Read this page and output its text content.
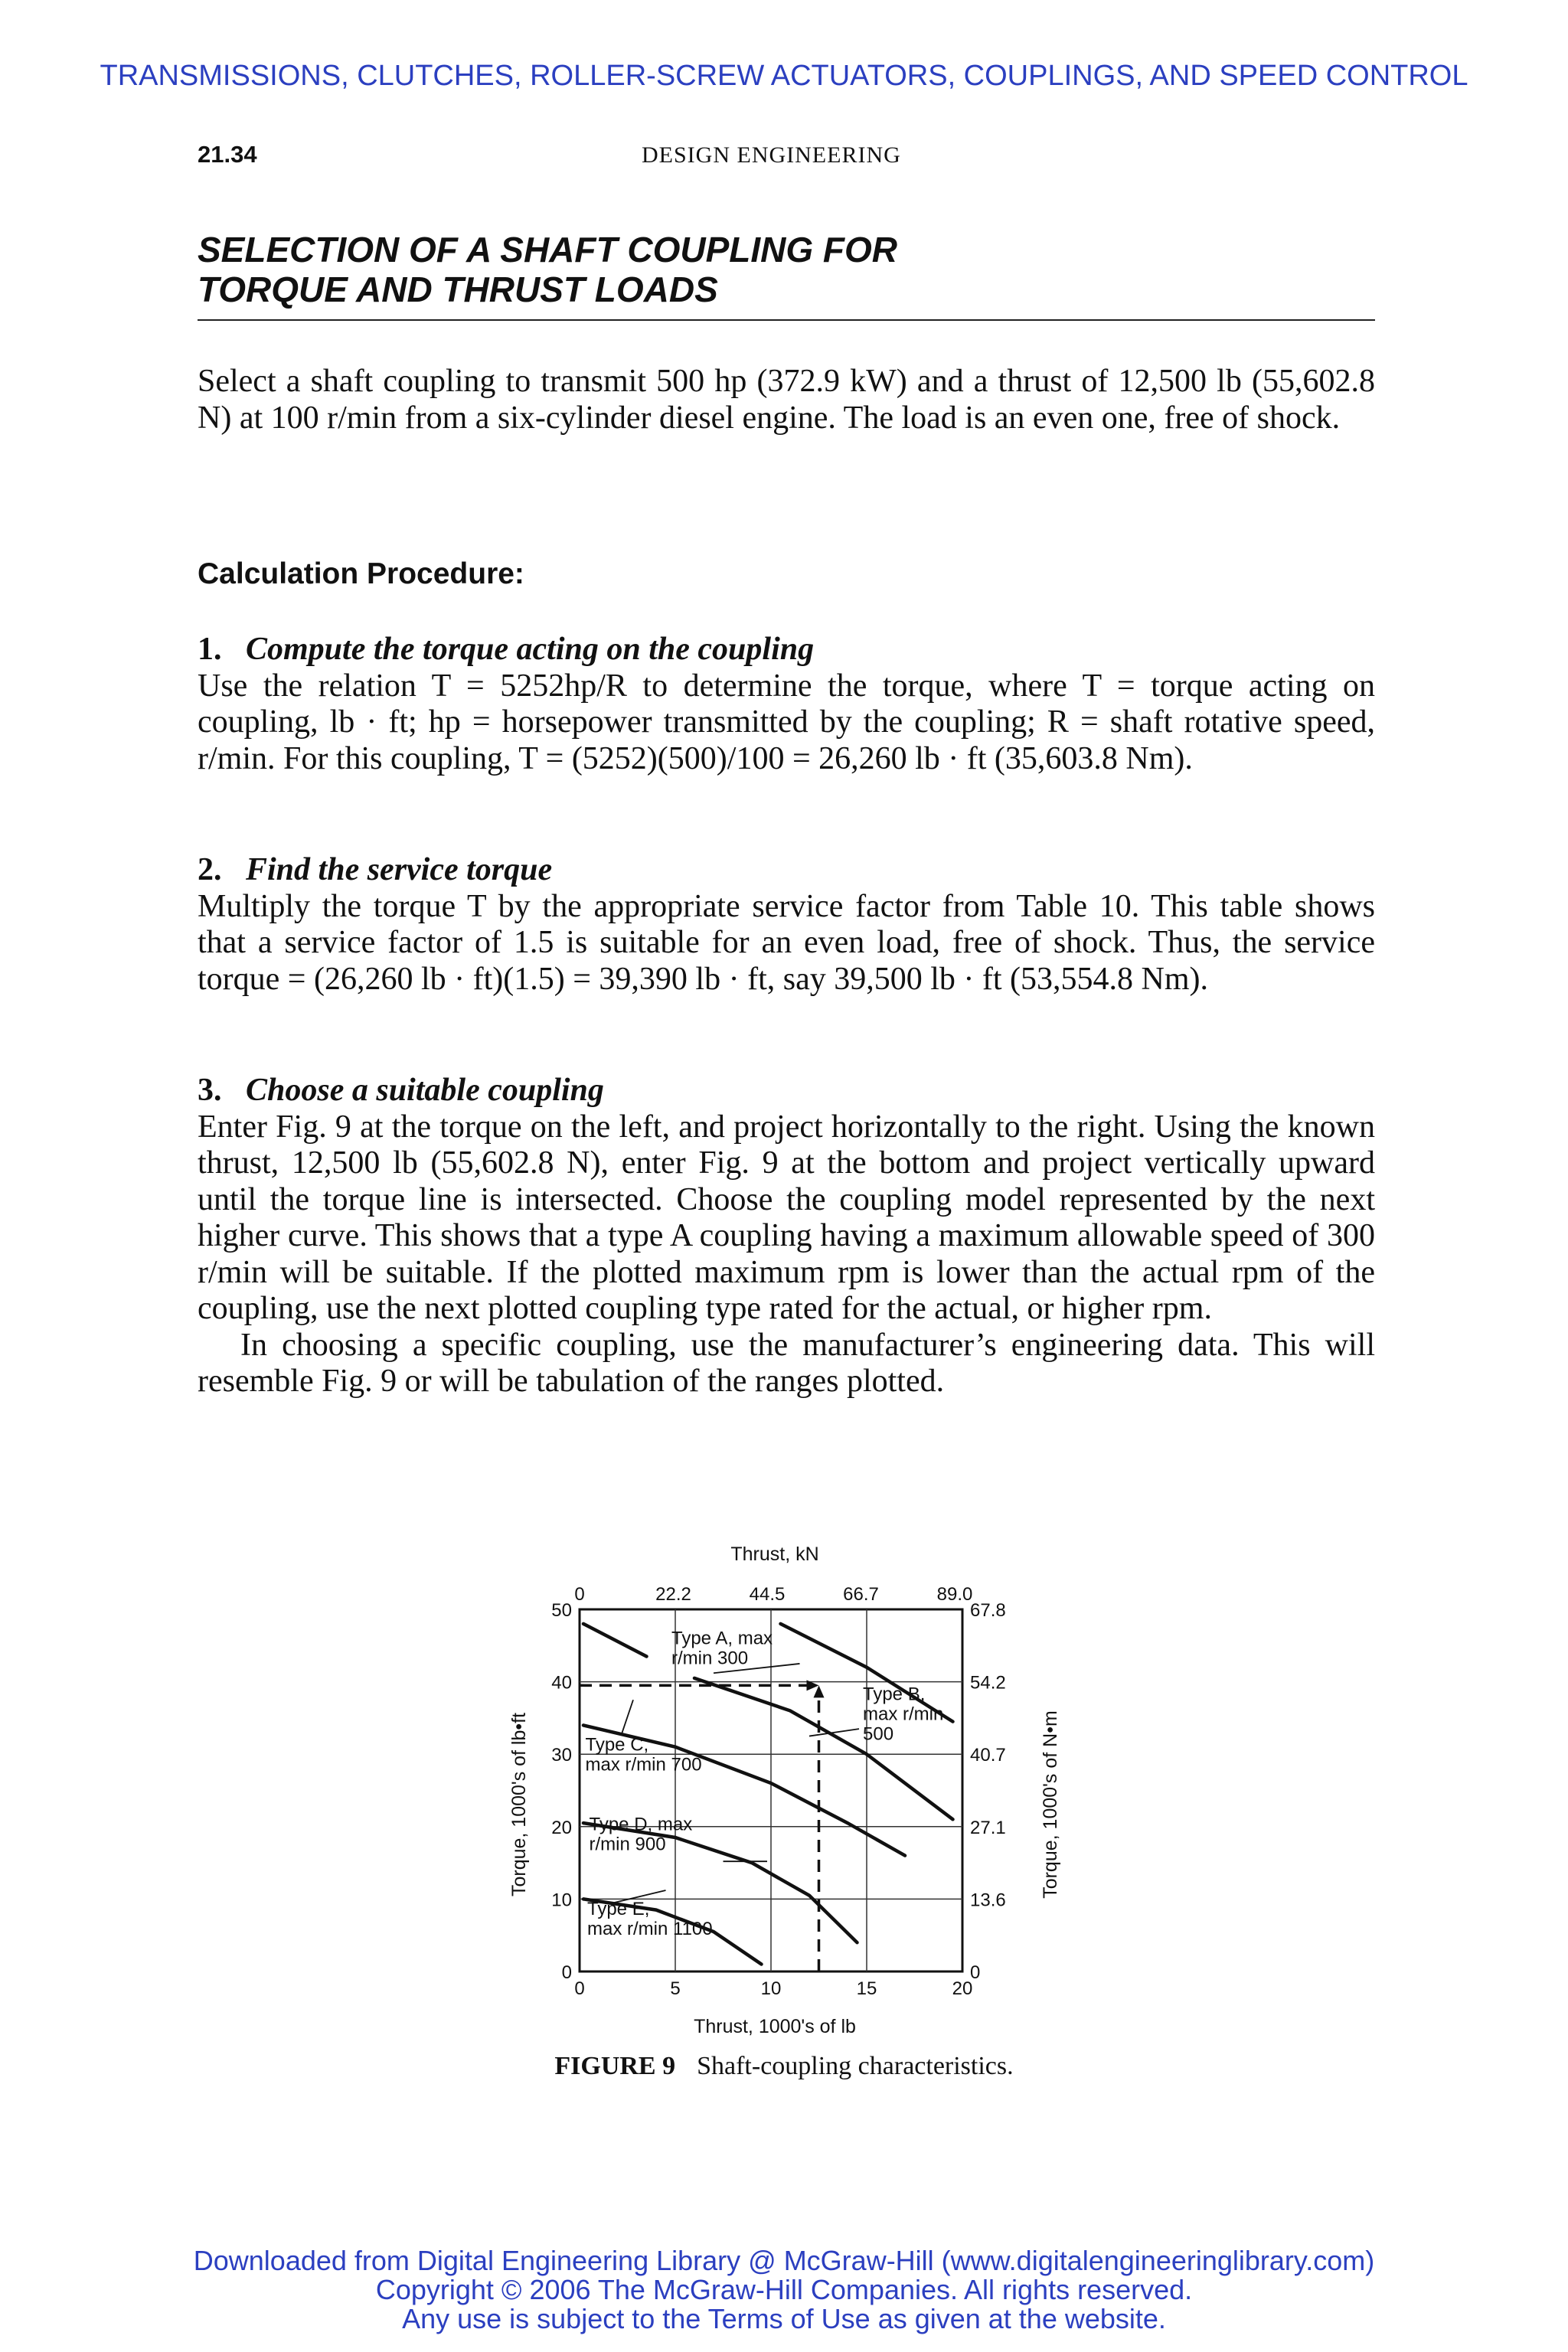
TRANSMISSIONS, CLUTCHES, ROLLER-SCREW ACTUATORS, COUPLINGS, AND SPEED CONTROL
21.34	DESIGN ENGINEERING
SELECTION OF A SHAFT COUPLING FOR
TORQUE AND THRUST LOADS

Select a shaft coupling to transmit 500 hp (372.9 kW) and a thrust of 12,500 lb (55,602.8 N) at 100 r/min from a six-cylinder diesel engine. The load is an even one, free of shock.

Calculation Procedure:

1. Compute the torque acting on the coupling

Use the relation T = 5252hp/R to determine the torque, where T = torque acting on coupling, lb · ft; hp = horsepower transmitted by the coupling; R = shaft rotative speed, r/min. For this coupling, T = (5252)(500)/100 = 26,260 lb · ft (35,603.8 Nm).

2. Find the service torque

Multiply the torque T by the appropriate service factor from Table 10. This table shows that a service factor of 1.5 is suitable for an even load, free of shock. Thus, the service torque = (26,260 lb · ft)(1.5) = 39,390 lb · ft, say 39,500 lb · ft (53,554.8 Nm).

3. Choose a suitable coupling

Enter Fig. 9 at the torque on the left, and project horizontally to the right. Using the known thrust, 12,500 lb (55,602.8 N), enter Fig. 9 at the bottom and project vertically upward until the torque line is intersected. Choose the coupling model represented by the next higher curve. This shows that a type A coupling having a maximum allowable speed of 300 r/min will be suitable. If the plotted maximum rpm is lower than the actual rpm of the coupling, use the next plotted coupling type rated for the actual, or higher rpm.

In choosing a specific coupling, use the manufacturer’s engineering data. This will resemble Fig. 9 or will be tabulation of the ranges plotted.

Thrust, kN
Thrust, 1000's of lb
Torque, 1000's of lb•ft	Torque, 1000's of N•m
0	5	10	15	20
0
10
20
30
40
50
0	22.2	44.5	66.7	89.0
0
13.6
27.1
40.7
54.2
67.8
Type A, max
r/min 300
Type B,
max r/min
500
Type C,
max r/min 700
Type D, max
r/min 900
Type E,
max r/min 1100
FIGURE 9 Shaft-coupling characteristics.
Downloaded from Digital Engineering Library @ McGraw-Hill (www.digitalengineeringlibrary.com)
Copyright © 2006 The McGraw-Hill Companies. All rights reserved.
Any use is subject to the Terms of Use as given at the website.
